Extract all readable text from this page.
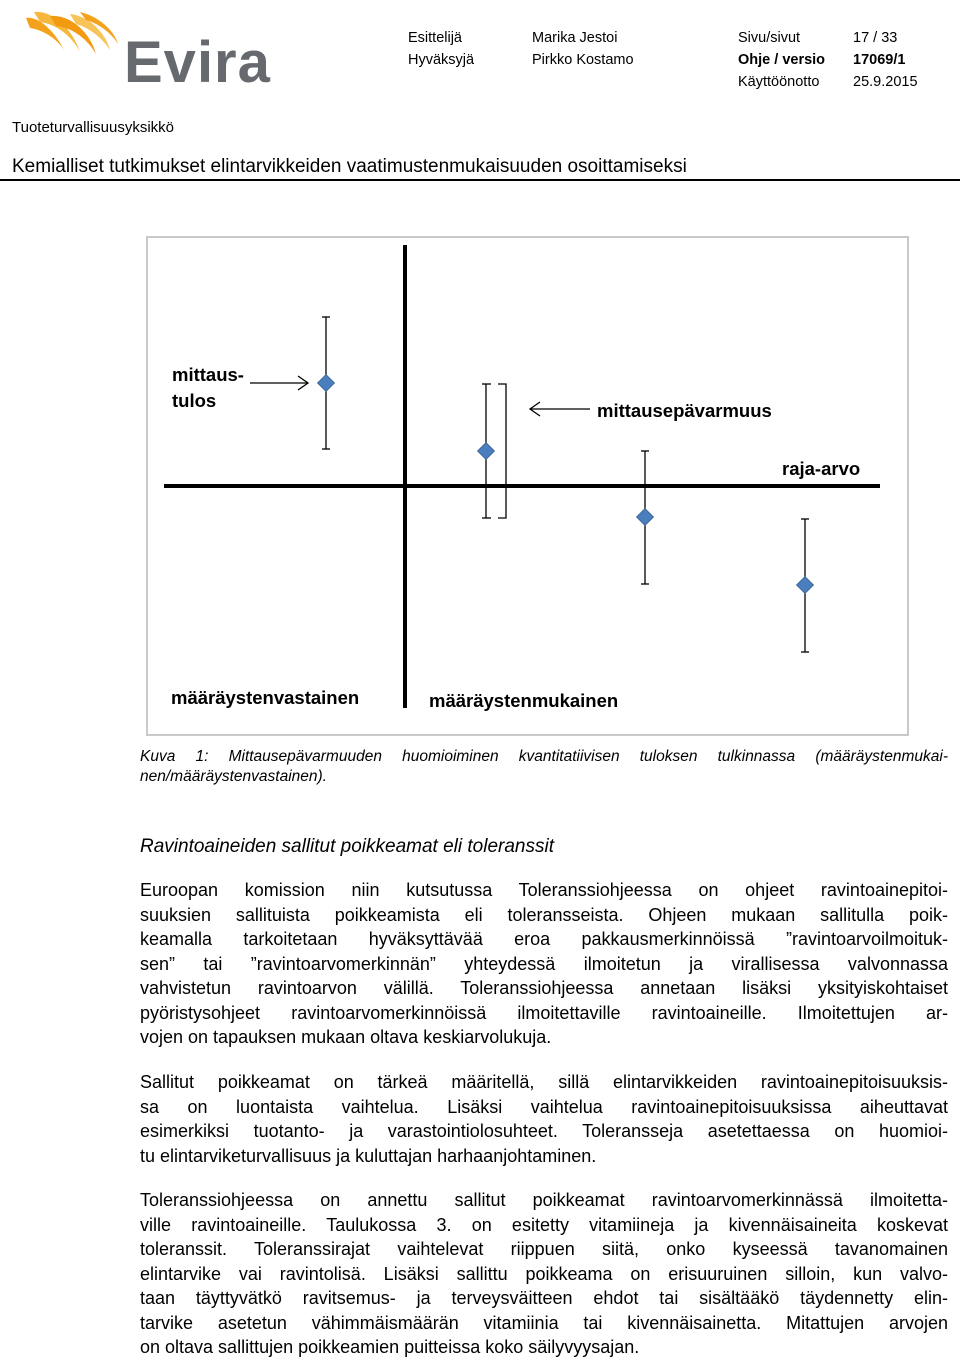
Evira	Esittelijä	Marika Jestoi	Sivu/sivut	17 / 33
Hyväksyjä	Pirkko Kostamo	Ohje / versio 17069/1
Käyttöönotto 25.9.2015
Tuoteturvallisuusyksikkö
Kemialliset tutkimukset elintarvikkeiden vaatimustenmukaisuuden osoittamiseksi
mittaus-
tulos	mittausepävarmuus
raja-arvo
määräystenvastainen	määräystenmukainen
Kuva 1: Mittausepävarmuuden huomioiminen kvantitatiivisen tuloksen tulkinnassa (määräystenmukai-
nen/määräystenvastainen).
Ravintoaineiden sallitut poikkeamat eli toleranssit
Euroopan komission niin kutsutussa Toleranssiohjeessa on ohjeet ravintoainepitoi-
suuksien sallituista poikkeamista eli toleransseista. Ohjeen mukaan sallitulla poik-
keamalla tarkoitetaan hyväksyttävää eroa pakkausmerkinnöissä ”ravintoarvoilmoituk-
sen” tai ”ravintoarvomerkinnän” yhteydessä ilmoitetun ja virallisessa valvonnassa
vahvistetun ravintoarvon välillä. Toleranssiohjeessa annetaan lisäksi yksityiskohtaiset
pyöristysohjeet ravintoarvomerkinnöissä ilmoitettaville ravintoaineille. Ilmoitettujen ar-
vojen on tapauksen mukaan oltava keskiarvolukuja.
Sallitut poikkeamat on tärkeä määritellä, sillä elintarvikkeiden ravintoainepitoisuuksis-
sa on luontaista vaihtelua. Lisäksi vaihtelua ravintoainepitoisuuksissa aiheuttavat
esimerkiksi tuotanto- ja varastointiolosuhteet. Toleransseja asetettaessa on huomioi-
tu elintarviketurvallisuus ja kuluttajan harhaanjohtaminen.
Toleranssiohjeessa on annettu sallitut poikkeamat ravintoarvomerkinnässä ilmoitetta-
ville ravintoaineille. Taulukossa 3. on esitetty vitamiineja ja kivennäisaineita koskevat
toleranssit. Toleranssirajat vaihtelevat riippuen siitä, onko kyseessä tavanomainen
elintarvike vai ravintolisä. Lisäksi sallittu poikkeama on erisuuruinen silloin, kun valvo-
taan täyttyvätkö ravitsemus- ja terveysväitteen ehdot tai sisältääkö täydennetty elin-
tarvike asetetun vähimmäismäärän vitamiinia tai kivennäisainetta. Mitattujen arvojen
on oltava sallittujen poikkeamien puitteissa koko säilyvyysajan.
